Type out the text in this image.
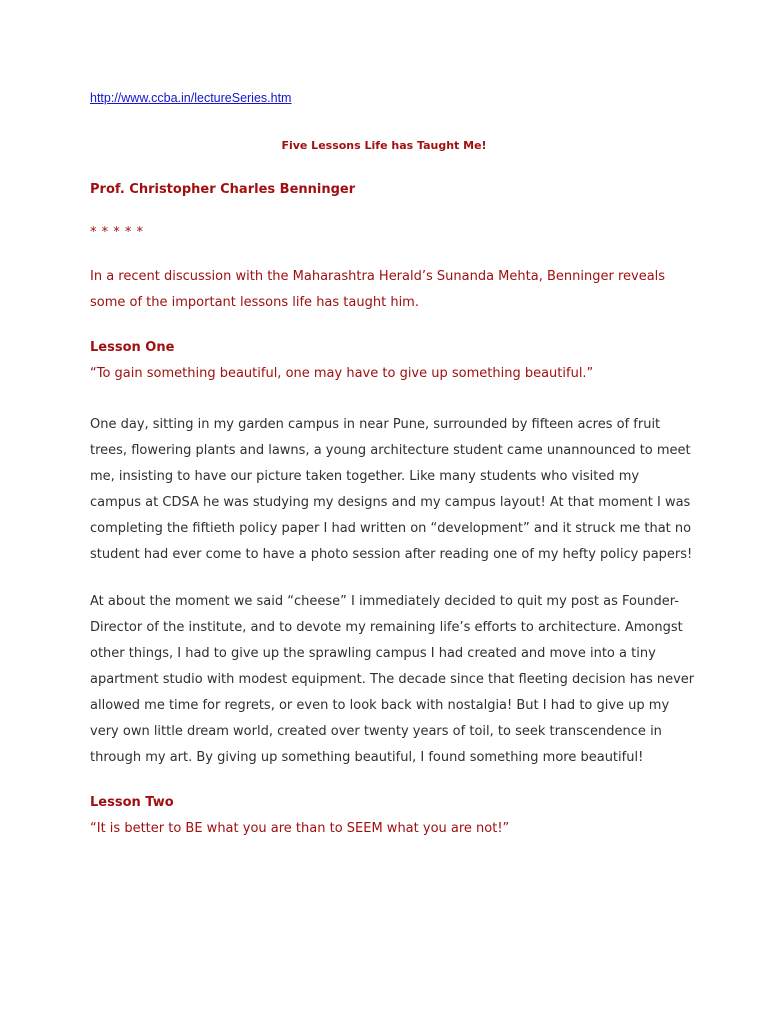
http://www.ccba.in/lectureSeries.htm
Five Lessons Life has Taught Me!
Prof. Christopher Charles Benninger
* * * * *
In a recent discussion with the Maharashtra Herald’s Sunanda Mehta, Benninger reveals
some of the important lessons life has taught him.
Lesson One
“To gain something beautiful, one may have to give up something beautiful.”
One day, sitting in my garden campus in near Pune, surrounded by fifteen acres of fruit
trees, flowering plants and lawns, a young architecture student came unannounced to meet
me, insisting to have our picture taken together. Like many students who visited my
campus at CDSA he was studying my designs and my campus layout! At that moment I was
completing the fiftieth policy paper I had written on “development” and it struck me that no
student had ever come to have a photo session after reading one of my hefty policy papers!
At about the moment we said “cheese” I immediately decided to quit my post as Founder-
Director of the institute, and to devote my remaining life’s efforts to architecture. Amongst
other things, I had to give up the sprawling campus I had created and move into a tiny
apartment studio with modest equipment. The decade since that fleeting decision has never
allowed me time for regrets, or even to look back with nostalgia! But I had to give up my
very own little dream world, created over twenty years of toil, to seek transcendence in
through my art. By giving up something beautiful, I found something more beautiful!
Lesson Two
“It is better to BE what you are than to SEEM what you are not!”
